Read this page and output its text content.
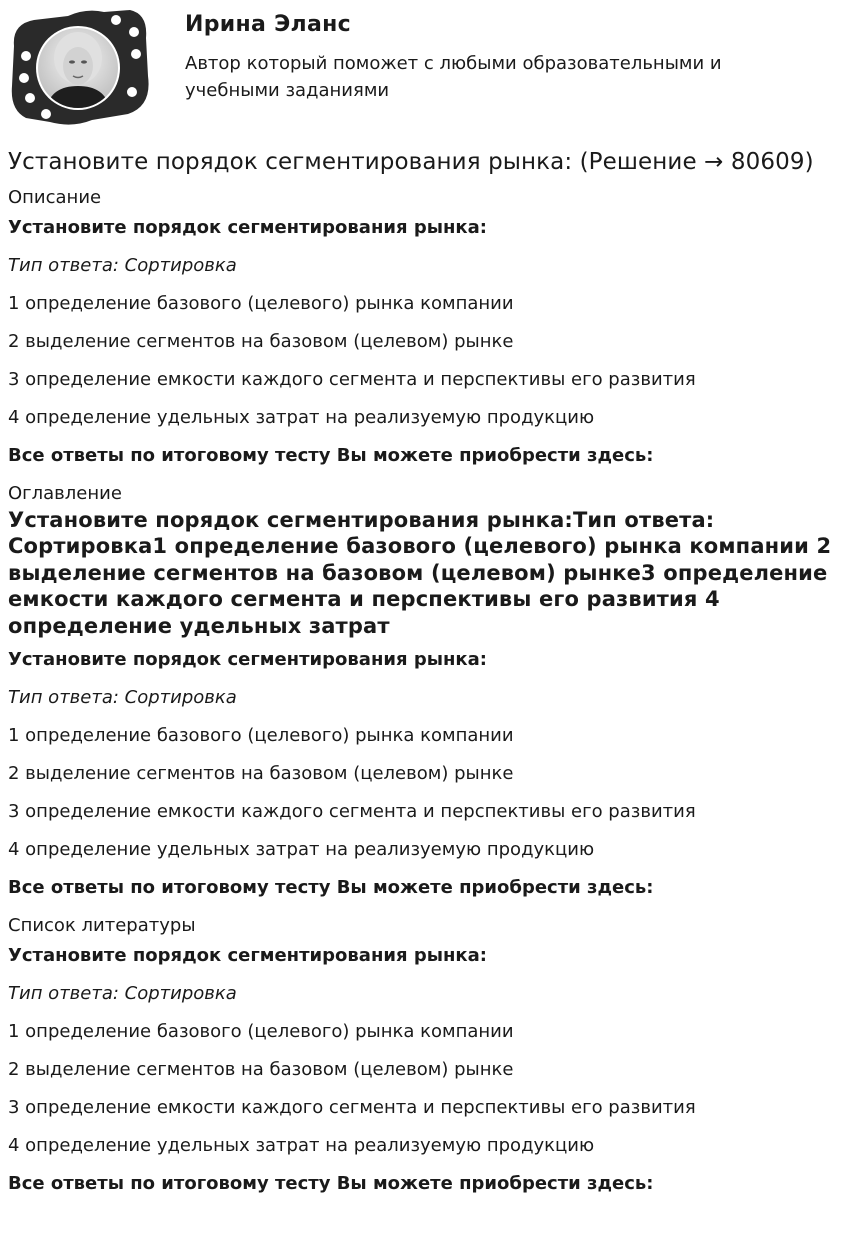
Ирина Эланс
Автор который поможет с любыми образовательными и учебными заданиями
Установите порядок сегментирования рынка: (Решение → 80609)
Описание

Установите порядок сегментирования рынка:

Тип ответа: Сортировка

1 определение базового (целевого) рынка компании

2 выделение сегментов на базовом (целевом) рынке

3 определение емкости каждого сегмента и перспективы его развития

4 определение удельных затрат на реализуемую продукцию

Все ответы по итоговому тесту Вы можете приобрести здесь:

Оглавление
Установите порядок сегментирования рынка:Тип ответа: Сортировка1 определение базового (целевого) рынка компании 2 выделение сегментов на базовом (целевом) рынке3 определение емкости каждого сегмента и перспективы его развития 4 определение удельных затрат

Установите порядок сегментирования рынка:

Тип ответа: Сортировка

1 определение базового (целевого) рынка компании

2 выделение сегментов на базовом (целевом) рынке

3 определение емкости каждого сегмента и перспективы его развития

4 определение удельных затрат на реализуемую продукцию

Все ответы по итоговому тесту Вы можете приобрести здесь:

Список литературы

Установите порядок сегментирования рынка:

Тип ответа: Сортировка

1 определение базового (целевого) рынка компании

2 выделение сегментов на базовом (целевом) рынке

3 определение емкости каждого сегмента и перспективы его развития

4 определение удельных затрат на реализуемую продукцию

Все ответы по итоговому тесту Вы можете приобрести здесь:
